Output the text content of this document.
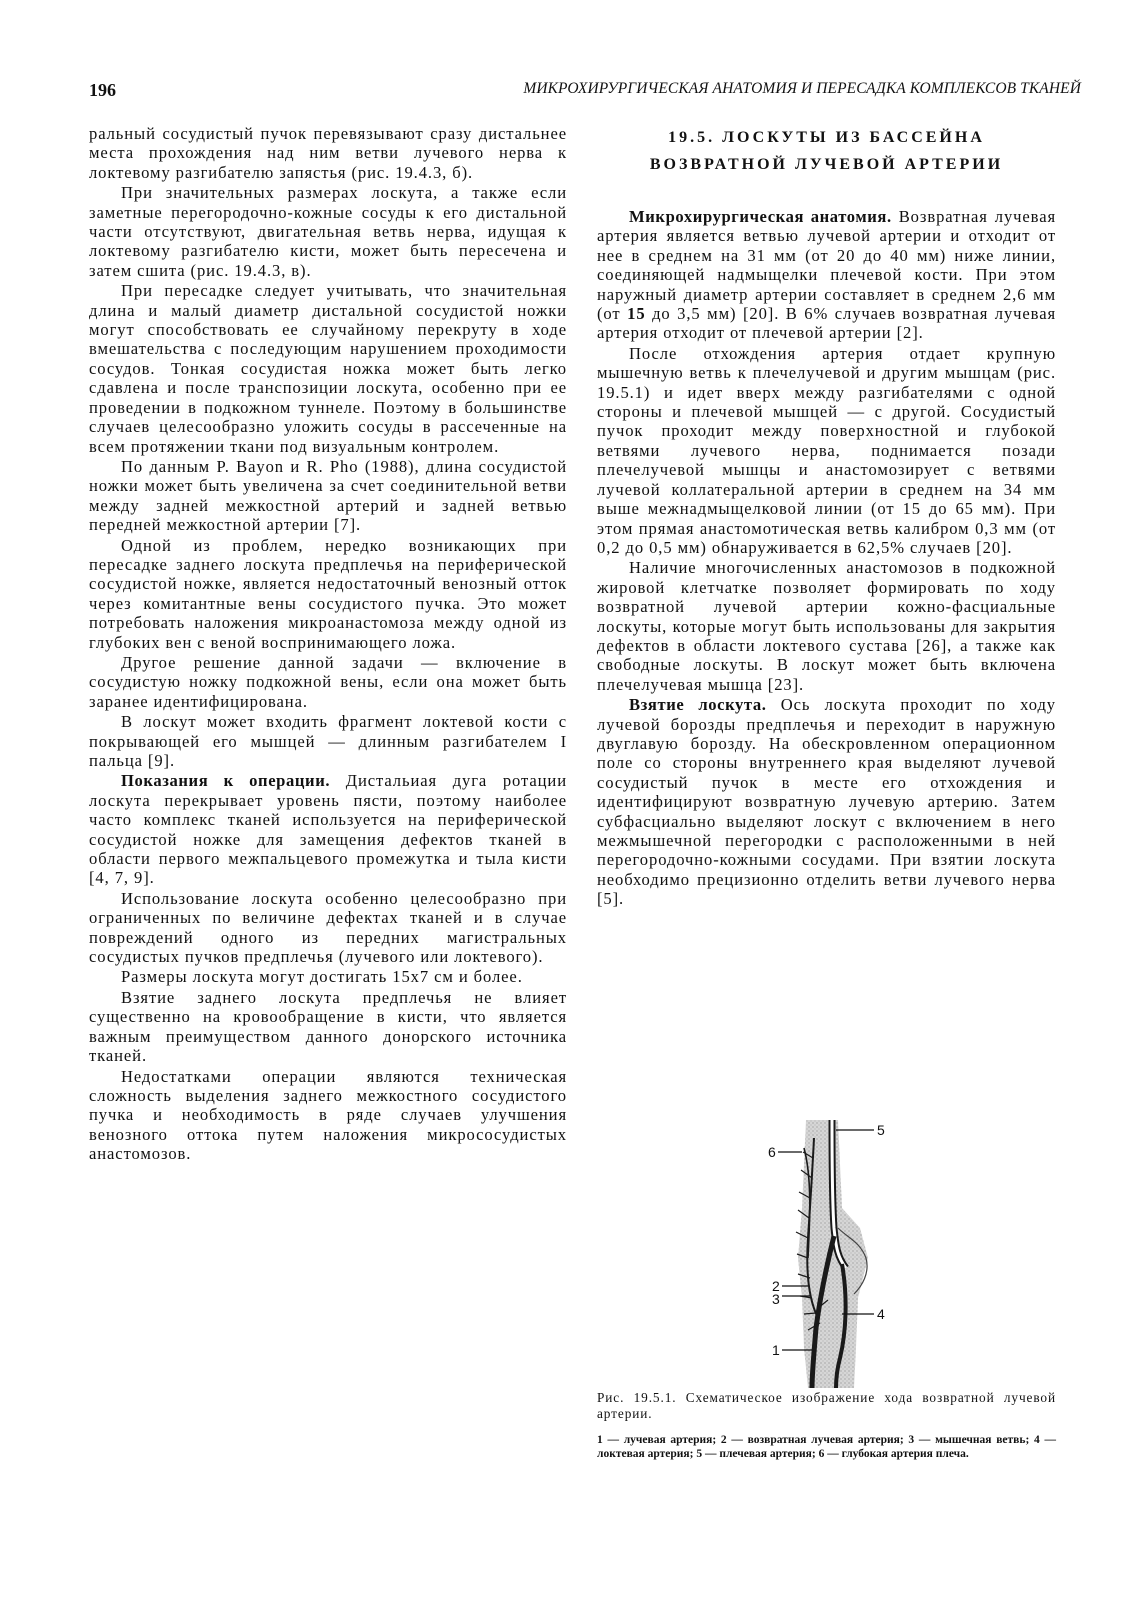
196	МИКРОХИРУРГИЧЕСКАЯ АНАТОМИЯ И ПЕРЕСАДКА КОМПЛЕКСОВ ТКАНЕЙ

ральный сосудистый пучок перевязывают сразу дистальнее места прохождения над ним ветви лучевого нерва к локтевому разгибателю запястья (рис. 19.4.3, б).

При значительных размерах лоскута, а также если заметные перегородочно-кожные сосуды к его дистальной части отсутствуют, двигательная ветвь нерва, идущая к локтевому разгибателю кисти, может быть пересечена и затем сшита (рис. 19.4.3, в).

При пересадке следует учитывать, что значительная длина и малый диаметр дистальной сосудистой ножки могут способствовать ее случайному перекруту в ходе вмешательства с последующим нарушением проходимости сосудов. Тонкая сосудистая ножка может быть легко сдавлена и после транспозиции лоскута, особенно при ее проведении в подкожном туннеле. Поэтому в большинстве случаев целесообразно уложить сосуды в рассеченные на всем протяжении ткани под визуальным контролем.

По данным P. Bayon и R. Pho (1988), длина сосудистой ножки может быть увеличена за счет соединительной ветви между задней межкостной артерий и задней ветвью передней межкостной артерии [7].

Одной из проблем, нередко возникающих при пересадке заднего лоскута предплечья на периферической сосудистой ножке, является недостаточный венозный отток через комитантные вены сосудистого пучка. Это может потребовать наложения микроанастомоза между одной из глубоких вен с веной воспринимающего ложа.

Другое решение данной задачи — включение в сосудистую ножку подкожной вены, если она может быть заранее идентифицирована.

В лоскут может входить фрагмент локтевой кости с покрывающей его мышцей — длинным разгибателем I пальца [9].

Показания к операции. Дистальиая дуга ротации лоскута перекрывает уровень пясти, поэтому наиболее часто комплекс тканей используется на периферической сосудистой ножке для замещения дефектов тканей в области первого межпальцевого промежутка и тыла кисти [4, 7, 9].

Использование лоскута особенно целесообразно при ограниченных по величине дефектах тканей и в случае повреждений одного из передних магистральных сосудистых пучков предплечья (лучевого или локтевого).

Размеры лоскута могут достигать 15x7 см и более.

Взятие заднего лоскута предплечья не влияет существенно на кровообращение в кисти, что является важным преимуществом данного донорского источника тканей.

Недостатками операции являются техническая сложность выделения заднего межкостного сосудистого пучка и необходимость в ряде случаев улучшения венозного оттока путем наложения микрососудистых анастомозов.

19.5. ЛОСКУТЫ ИЗ БАССЕЙНА
ВОЗВРАТНОЙ ЛУЧЕВОЙ АРТЕРИИ

Микрохирургическая анатомия. Возвратная лучевая артерия является ветвью лучевой артерии и отходит от нее в среднем на 31 мм (от 20 до 40 мм) ниже линии, соединяющей надмыщелки плечевой кости. При этом наружный диаметр артерии составляет в среднем 2,6 мм (от 15 до 3,5 мм) [20]. В 6% случаев возвратная лучевая артерия отходит от плечевой артерии [2].

После отхождения артерия отдает крупную мышечную ветвь к плечелучевой и другим мышцам (рис. 19.5.1) и идет вверх между разгибателями с одной стороны и плечевой мышцей — с другой. Сосудистый пучок проходит между поверхностной и глубокой ветвями лучевого нерва, поднимается позади плечелучевой мышцы и анастомозирует с ветвями лучевой коллатеральной артерии в среднем на 34 мм выше межнадмыщелковой линии (от 15 до 65 мм). При этом прямая анастомотическая ветвь калибром 0,3 мм (от 0,2 до 0,5 мм) обнаруживается в 62,5% случаев [20].

Наличие многочисленных анастомозов в подкожной жировой клетчатке позволяет формировать по ходу возвратной лучевой артерии кожно-фасциальные лоскуты, которые могут быть использованы для закрытия дефектов в области локтевого сустава [26], а также как свободные лоскуты. В лоскут может быть включена плечелучевая мышца [23].

Взятие лоскута. Ось лоскута проходит по ходу лучевой борозды предплечья и переходит в наружную двуглавую борозду. На обескровленном операционном поле со стороны внутреннего края выделяют лучевой сосудистый пучок в месте его отхождения и идентифицируют возвратную лучевую артерию. Затем субфасциально выделяют лоскут с включением в него межмышечной перегородки с расположенными в ней перегородочно-кожными сосудами. При взятии лоскута необходимо прецизионно отделить ветви лучевого нерва [5].

5
6
2
3
4
1
Рис. 19.5.1. Схематическое изображение хода возвратной лучевой артерии.
1 — лучевая артерия; 2 — возвратная лучевая артерия; 3 — мышечная ветвь; 4 — локтевая артерия; 5 — плечевая артерия; 6 — глубокая артерия плеча.
